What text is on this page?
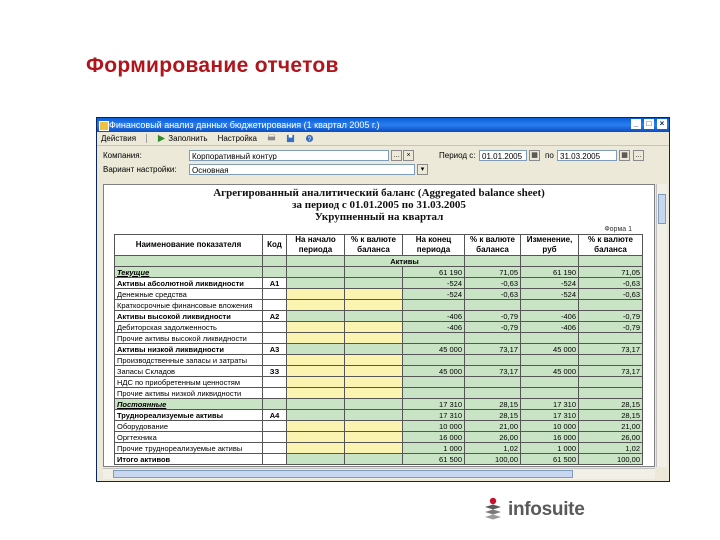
Формирование отчетов
Финансовый анализ данных бюджетирования (1 квартал 2005 г.)	_	□	×
Действия	Заполнить Настройка	?
Компания:	Корпоративный контур	… ×	Период с: 01.01.2005	▦ по 31.03.2005	▦	…
Вариант настройки:	Основная	▾
Агрегированный аналитический баланс (Aggregated balance sheet)
за период с 01.01.2005 по 31.03.2005
Укрупненный на квартал
Форма 1
Наименование показателя	Код	На начало периода	% к валюте баланса	На конец периода	% к валюте баланса	Изменение, руб	% к валюте баланса
			Активы				
Текущие				61 190	71,05	61 190	71,05
Активы абсолютной ликвидности	А1			-524	-0,63	-524	-0,63
Денежные средства				-524	-0,63	-524	-0,63
Краткосрочные финансовые вложения							
Активы высокой ликвидности	А2			-406	-0,79	-406	-0,79
Дебиторская задолженность				-406	-0,79	-406	-0,79
Прочие активы высокой ликвидности							
Активы низкой ликвидности	А3			45 000	73,17	45 000	73,17
Производственные запасы и затраты							
Запасы Складов	ЗЗ			45 000	73,17	45 000	73,17
НДС по приобретенным ценностям							
Прочие активы низкой ликвидности							
Постоянные				17 310	28,15	17 310	28,15
Труднореализуемые активы	А4			17 310	28,15	17 310	28,15
Оборудование				10 000	21,00	10 000	21,00
Оргтехника				16 000	26,00	16 000	26,00
Прочие труднореализуемые активы				1 000	1,02	1 000	1,02
Итого активов				61 500	100,00	61 500	100,00
infosuite
